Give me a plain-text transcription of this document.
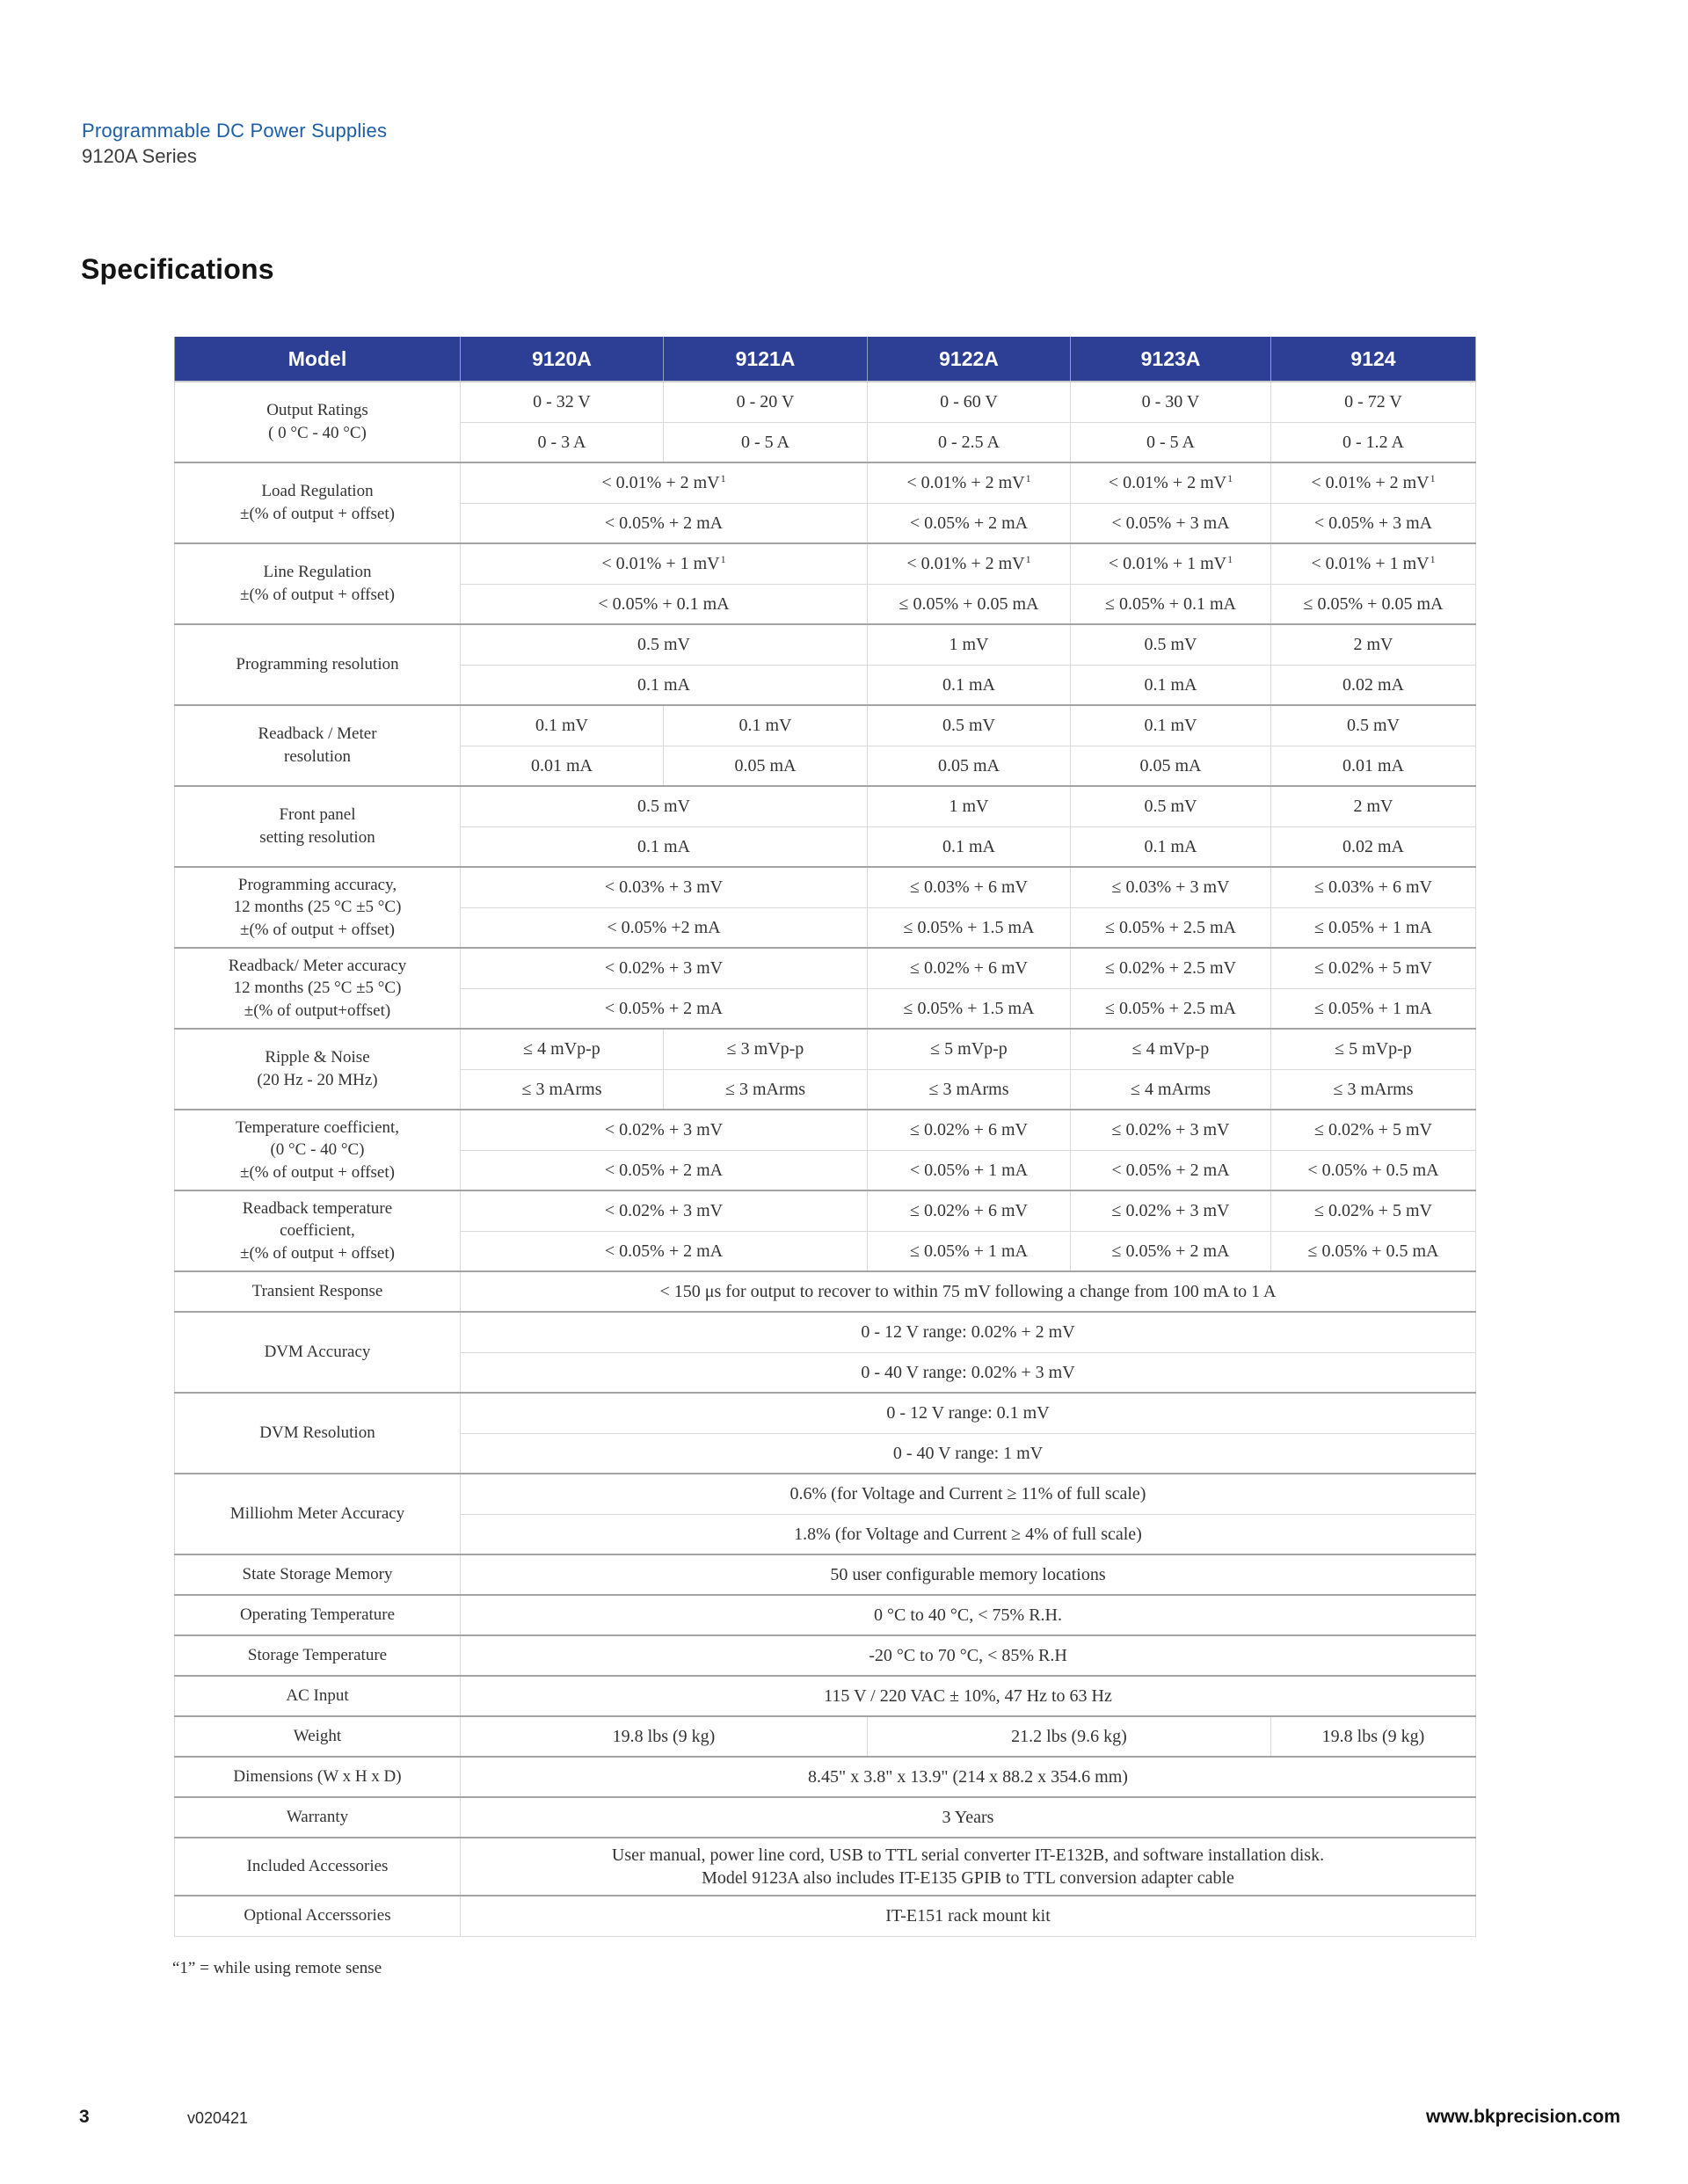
Programmable DC Power Supplies
9120A Series
Specifications
Model	9120A	9121A	9122A	9123A	9124

Output Ratings
( 0 °C - 40 °C)	0 - 32 V	0 - 20 V	0 - 60 V	0 - 30 V	0 - 72 V
	0 - 3 A	0 - 5 A	0 - 2.5 A	0 - 5 A	0 - 1.2 A

Load Regulation
±(% of output + offset)	< 0.01% + 2 $mV^1$		< 0.01% + 2 $mV^1$	< 0.01% + 2 $mV^1$	< 0.01% + 2 $mV^1$
	< 0.05% + 2 mA		< 0.05% + 2 mA	< 0.05% + 3 mA	< 0.05% + 3 mA

Line Regulation
±(% of output + offset)	< 0.01% + 1 $mV^1$		< 0.01% + 2 $mV^1$	< 0.01% + 1 $mV^1$	< 0.01% + 1 $mV^1$
	< 0.05% + 0.1 mA		≤ 0.05% + 0.05 mA	≤ 0.05% + 0.1 mA	≤ 0.05% + 0.05 mA

Programming resolution	0.5 mV		1 mV	0.5 mV	2 mV
	0.1 mA		0.1 mA	0.1 mA	0.02 mA

Readback / Meter
resolution	0.1 mV	0.1 mV	0.5 mV	0.1 mV	0.5 mV
	0.01 mA	0.05 mA	0.05 mA	0.05 mA	0.01 mA

Front panel
setting resolution	0.5 mV		1 mV	0.5 mV	2 mV
	0.1 mA		0.1 mA	0.1 mA	0.02 mA

Programming accuracy,
12 months (25 °C ±5 °C)
±(% of output + offset)	< 0.03% + 3 mV		≤ 0.03% + 6 mV	≤ 0.03% + 3 mV	≤ 0.03% + 6 mV
	< 0.05% +2 mA		≤ 0.05% + 1.5 mA	≤ 0.05% + 2.5 mA	≤ 0.05% + 1 mA

Readback/ Meter accuracy
12 months (25 °C ±5 °C)
±(% of output+offset)	< 0.02% + 3 mV		≤ 0.02% + 6 mV	≤ 0.02% + 2.5 mV	≤ 0.02% + 5 mV
	< 0.05% + 2 mA		≤ 0.05% + 1.5 mA	≤ 0.05% + 2.5 mA	≤ 0.05% + 1 mA

Ripple & Noise
(20 Hz - 20 MHz)	≤ 4 mVp-p	≤ 3 mVp-p	≤ 5 mVp-p	≤ 4 mVp-p	≤ 5 mVp-p
	≤ 3 mArms	≤ 3 mArms	≤ 3 mArms	≤ 4 mArms	≤ 3 mArms

Temperature coefficient,
(0 °C - 40 °C)
±(% of output + offset)	< 0.02% + 3 mV		≤ 0.02% + 6 mV	≤ 0.02% + 3 mV	≤ 0.02% + 5 mV
	< 0.05% + 2 mA		< 0.05% + 1 mA	< 0.05% + 2 mA	< 0.05% + 0.5 mA

Readback temperature
coefficient,
±(% of output + offset)	< 0.02% + 3 mV		≤ 0.02% + 6 mV	≤ 0.02% + 3 mV	≤ 0.02% + 5 mV
	< 0.05% + 2 mA		≤ 0.05% + 1 mA	≤ 0.05% + 2 mA	≤ 0.05% + 0.5 mA

Transient Response	< 150 μs for output to recover to within 75 mV following a change from 100 mA to 1 A				

DVM Accuracy	0 - 12 V range: 0.02% + 2 mV				
	0 - 40 V range: 0.02% + 3 mV				

DVM Resolution	0 - 12 V range: 0.1 mV				
	0 - 40 V range: 1 mV				

Milliohm Meter Accuracy	0.6% (for Voltage and Current ≥ 11% of full scale)				
	1.8% (for Voltage and Current ≥ 4% of full scale)				

State Storage Memory	50 user configurable memory locations				

Operating Temperature	0 °C to 40 °C, < 75% R.H.				

Storage Temperature	-20 °C to 70 °C, < 85% R.H				

AC Input	115 V / 220 VAC ± 10%, 47 Hz to 63 Hz				

Weight	19.8 lbs (9 kg)		21.2 lbs (9.6 kg)		19.8 lbs (9 kg)

Dimensions (W x H x D)	8.45" x 3.8" x 13.9" (214 x 88.2 x 354.6 mm)				

Warranty	3 Years				

Included Accessories	User manual, power line cord, USB to TTL serial converter IT-E132B, and software installation disk.
Model 9123A also includes IT-E135 GPIB to TTL conversion adapter cable				

Optional Accerssories	IT-E151 rack mount kit				
“1” = while using remote sense
3	v020421	www.bkprecision.com
